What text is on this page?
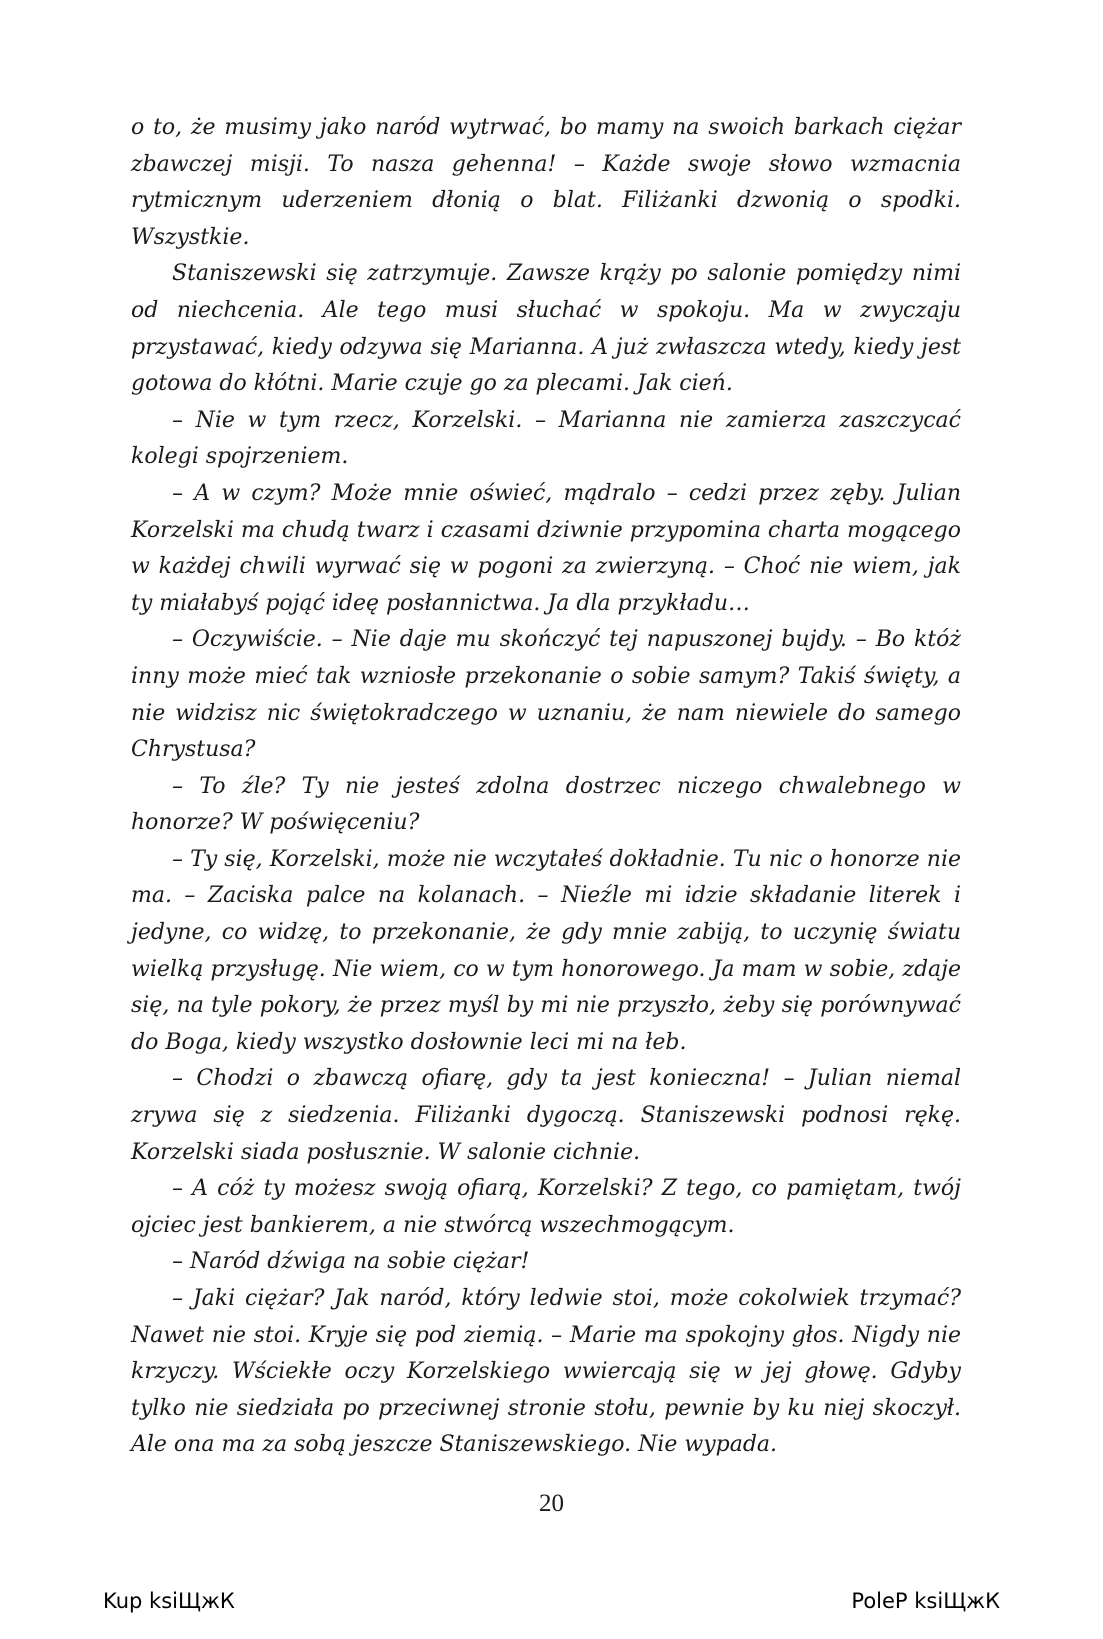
o to, że musimy jako naród wytrwać, bo mamy na swoich barkach ciężar zbawczej misji. To nasza gehenna! – Każde swoje słowo wzmacnia rytmicznym uderzeniem dłonią o blat. Filiżanki dzwonią o spodki. Wszystkie.

Staniszewski się zatrzymuje. Zawsze krąży po salonie pomiędzy nimi od niechcenia. Ale tego musi słuchać w spokoju. Ma w zwyczaju przystawać, kiedy odzywa się Marianna. A już zwłaszcza wtedy, kiedy jest gotowa do kłótni. Marie czuje go za plecami. Jak cień.

– Nie w tym rzecz, Korzelski. – Marianna nie zamierza zaszczycać kolegi spojrzeniem.

– A w czym? Może mnie oświeć, mądralo – cedzi przez zęby. Julian Korzelski ma chudą twarz i czasami dziwnie przypomina charta mogącego w każdej chwili wyrwać się w pogoni za zwierzyną. – Choć nie wiem, jak ty miałabyś pojąć ideę posłannictwa. Ja dla przykładu…

– Oczywiście. – Nie daje mu skończyć tej napuszonej bujdy. – Bo któż inny może mieć tak wzniosłe przekonanie o sobie samym? Takiś święty, a nie widzisz nic świętokradczego w uznaniu, że nam niewiele do samego Chrystusa?

– To źle? Ty nie jesteś zdolna dostrzec niczego chwalebnego w honorze? W poświęceniu?

– Ty się, Korzelski, może nie wczytałeś dokładnie. Tu nic o honorze nie ma. – Zaciska palce na kolanach. – Nieźle mi idzie składanie literek i jedyne, co widzę, to przekonanie, że gdy mnie zabiją, to uczynię światu wielką przysługę. Nie wiem, co w tym honorowego. Ja mam w sobie, zdaje się, na tyle pokory, że przez myśl by mi nie przyszło, żeby się porównywać do Boga, kiedy wszystko dosłownie leci mi na łeb.

– Chodzi o zbawczą ofiarę, gdy ta jest konieczna! – Julian niemal zrywa się z siedzenia. Filiżanki dygoczą. Staniszewski podnosi rękę. Korzelski siada posłusznie. W salonie cichnie.

– A cóż ty możesz swoją ofiarą, Korzelski? Z tego, co pamiętam, twój ojciec jest bankierem, a nie stwórcą wszechmogącym.

– Naród dźwiga na sobie ciężar!

– Jaki ciężar? Jak naród, który ledwie stoi, może cokolwiek trzymać? Nawet nie stoi. Kryje się pod ziemią. – Marie ma spokojny głos. Nigdy nie krzyczy. Wściekłe oczy Korzelskiego wwiercają się w jej głowę. Gdyby tylko nie siedziała po przeciwnej stronie stołu, pewnie by ku niej skoczył. Ale ona ma za sobą jeszcze Staniszewskiego. Nie wypada.

20
Kup ksiЩжК	PoleP ksiЩжК
